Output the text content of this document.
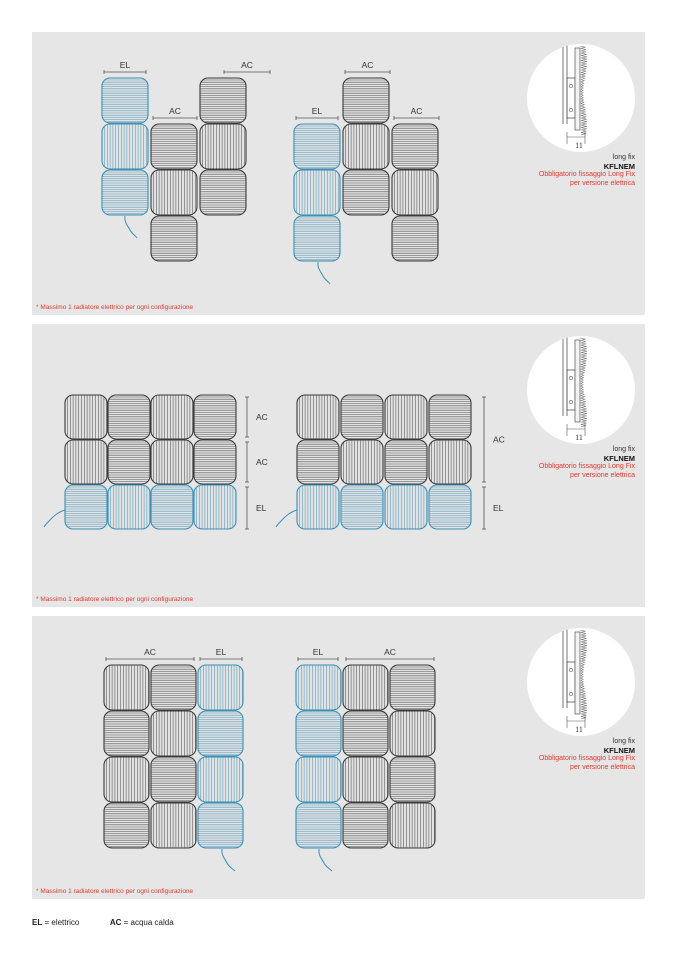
EL	AC
AC	EL
AC
AC
* Massimo 1 radiatore elettrico per ogni configurazione
11
long fix
KFLNEM
Obbligatorio fissaggio Long Fix
per versione elettrica
AC
AC
EL
AC
EL
* Massimo 1 radiatore elettrico per ogni configurazione
11
long fix
KFLNEM
Obbligatorio fissaggio Long Fix
per versione elettrica
AC	EL	EL	AC
* Massimo 1 radiatore elettrico per ogni configurazione
11
long fix
KFLNEM
Obbligatorio fissaggio Long Fix
per versione elettrica
EL = elettrico	AC = acqua calda
